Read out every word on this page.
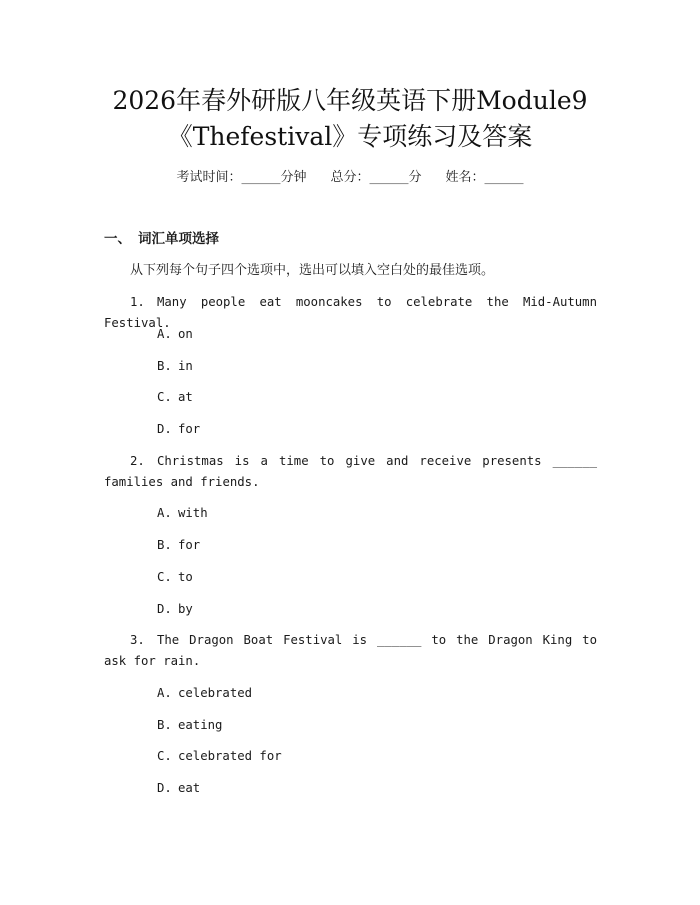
2026年春外研版八年级英语下册Module9
《Thefestival》专项练习及答案
考试时间：______分钟 总分：______分 姓名：______
一、 词汇单项选择
从下列每个句子四个选项中，选出可以填入空白处的最佳选项。
1. Many people eat mooncakes to celebrate the Mid-Autumn Festival.
A. on
B. in
C. at
D. for
2. Christmas is a time to give and receive presents ______ families and friends.
A. with
B. for
C. to
D. by
3. The Dragon Boat Festival is ______ to the Dragon King to ask for rain.
A. celebrated
B. eating
C. celebrated for
D. eat
